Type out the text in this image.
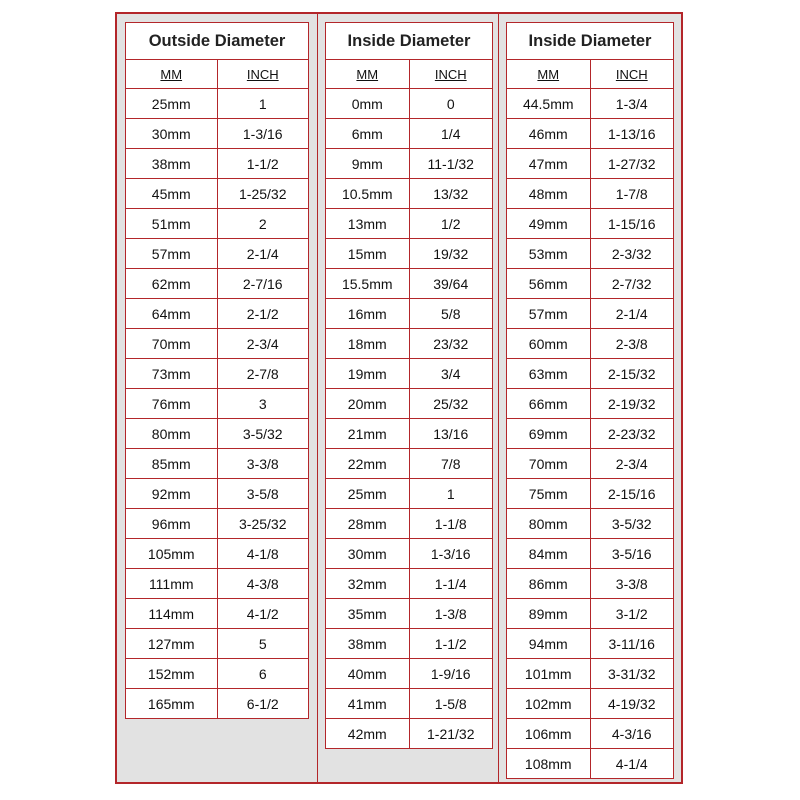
Outside Diameter	
MM	INCH
25mm	1
30mm	1-3/16
38mm	1-1/2
45mm	1-25/32
51mm	2
57mm	2-1/4
62mm	2-7/16
64mm	2-1/2
70mm	2-3/4
73mm	2-7/8
76mm	3
80mm	3-5/32
85mm	3-3/8
92mm	3-5/8
96mm	3-25/32
105mm	4-1/8
111mm	4-3/8
114mm	4-1/2
127mm	5
152mm	6
165mm	6-1/2
Inside Diameter	
MM	INCH
0mm	0
6mm	1/4
9mm	11-1/32
10.5mm	13/32
13mm	1/2
15mm	19/32
15.5mm	39/64
16mm	5/8
18mm	23/32
19mm	3/4
20mm	25/32
21mm	13/16
22mm	7/8
25mm	1
28mm	1-1/8
30mm	1-3/16
32mm	1-1/4
35mm	1-3/8
38mm	1-1/2
40mm	1-9/16
41mm	1-5/8
42mm	1-21/32
Inside Diameter	
MM	INCH
44.5mm	1-3/4
46mm	1-13/16
47mm	1-27/32
48mm	1-7/8
49mm	1-15/16
53mm	2-3/32
56mm	2-7/32
57mm	2-1/4
60mm	2-3/8
63mm	2-15/32
66mm	2-19/32
69mm	2-23/32
70mm	2-3/4
75mm	2-15/16
80mm	3-5/32
84mm	3-5/16
86mm	3-3/8
89mm	3-1/2
94mm	3-11/16
101mm	3-31/32
102mm	4-19/32
106mm	4-3/16
108mm	4-1/4
